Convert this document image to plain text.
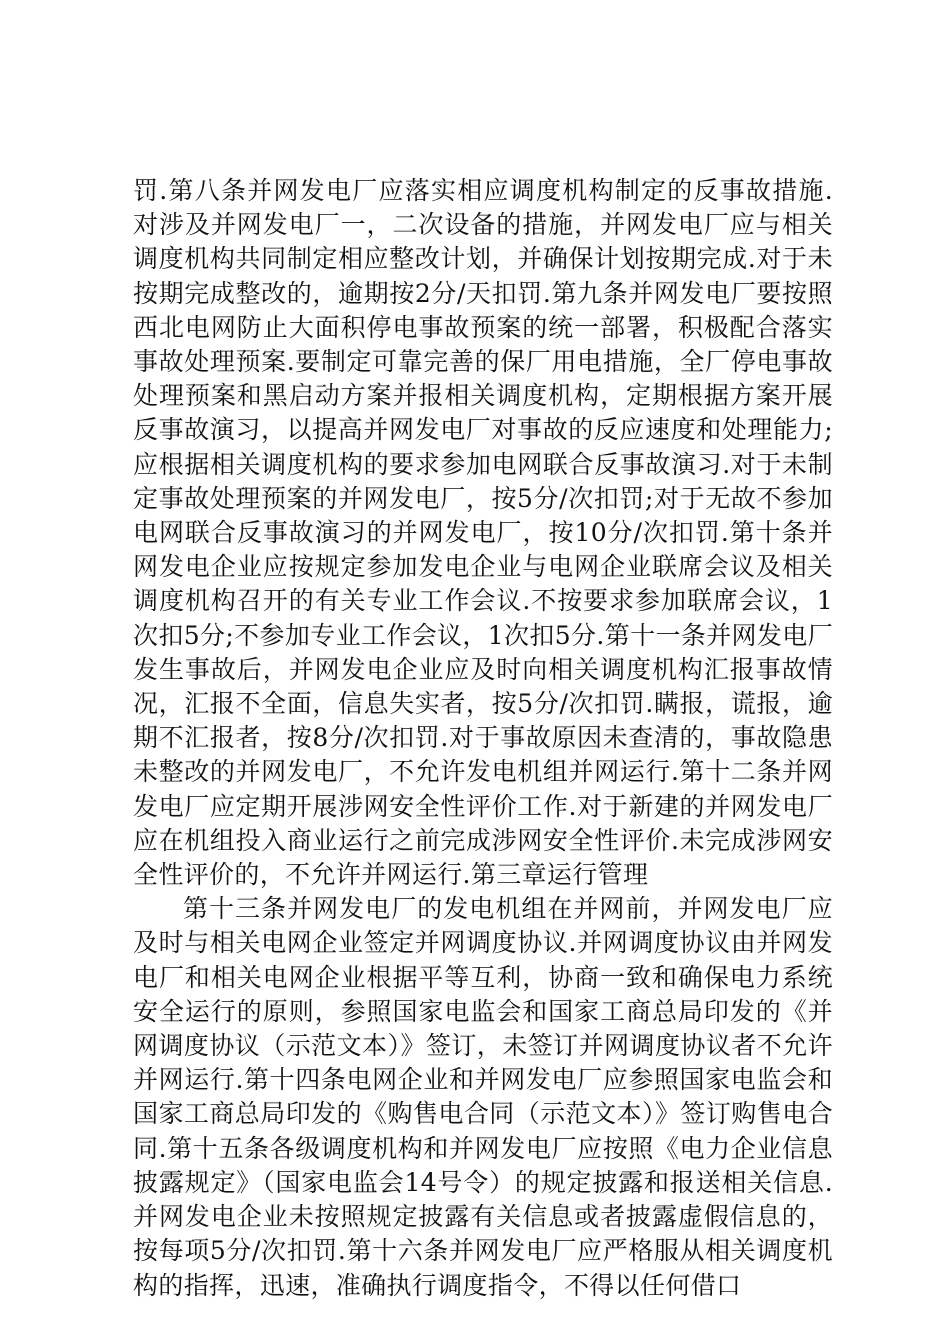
罚.第八条并网发电厂应落实相应调度机构制定的反事故措施.对涉及并网发电厂一，二次设备的措施，并网发电厂应与相关调度机构共同制定相应整改计划，并确保计划按期完成.对于未按期完成整改的，逾期按2分/天扣罚.第九条并网发电厂要按照西北电网防止大面积停电事故预案的统一部署，积极配合落实事故处理预案.要制定可靠完善的保厂用电措施，全厂停电事故处理预案和黑启动方案并报相关调度机构，定期根据方案开展反事故演习，以提高并网发电厂对事故的反应速度和处理能力;应根据相关调度机构的要求参加电网联合反事故演习.对于未制定事故处理预案的并网发电厂，按5分/次扣罚;对于无故不参加电网联合反事故演习的并网发电厂，按10分/次扣罚.第十条并网发电企业应按规定参加发电企业与电网企业联席会议及相关调度机构召开的有关专业工作会议.不按要求参加联席会议，1次扣5分;不参加专业工作会议，1次扣5分.第十一条并网发电厂发生事故后，并网发电企业应及时向相关调度机构汇报事故情况，汇报不全面，信息失实者，按5分/次扣罚.瞒报，谎报，逾期不汇报者，按8分/次扣罚.对于事故原因未查清的，事故隐患未整改的并网发电厂，不允许发电机组并网运行.第十二条并网发电厂应定期开展涉网安全性评价工作.对于新建的并网发电厂应在机组投入商业运行之前完成涉网安全性评价.未完成涉网安全性评价的，不允许并网运行.第三章运行管理

第十三条并网发电厂的发电机组在并网前，并网发电厂应及时与相关电网企业签定并网调度协议.并网调度协议由并网发电厂和相关电网企业根据平等互利，协商一致和确保电力系统安全运行的原则，参照国家电监会和国家工商总局印发的《并网调度协议（示范文本）》签订，未签订并网调度协议者不允许并网运行.第十四条电网企业和并网发电厂应参照国家电监会和国家工商总局印发的《购售电合同（示范文本）》签订购售电合同.第十五条各级调度机构和并网发电厂应按照《电力企业信息披露规定》（国家电监会14号令）的规定披露和报送相关信息.并网发电企业未按照规定披露有关信息或者披露虚假信息的，按每项5分/次扣罚.第十六条并网发电厂应严格服从相关调度机构的指挥，迅速，准确执行调度指令，不得以任何借口
